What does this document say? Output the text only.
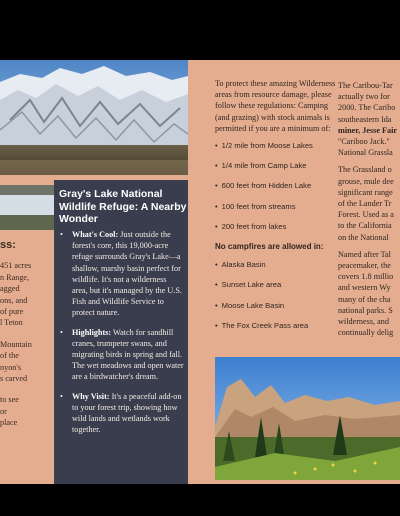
ss:
451 acres
n Range,
agged
ons, and
of pure
l Teton
Mountain
of the
nyon's
s carved
to see
or
place
Gray's Lake National Wildlife Refuge: A Nearby Wonder
•	What's Cool: Just outside the forest's core, this 19,000-acre refuge surrounds Gray's Lake—a shallow, marshy basin perfect for wildlife. It's not a wilderness area, but it's managed by the U.S. Fish and Wildlife Service to protect nature.
•	Highlights: Watch for sandhill cranes, trumpeter swans, and migrating birds in spring and fall. The wet meadows and open water are a birdwatcher's dream.
•	Why Visit: It's a peaceful add-on to your forest trip, showing how wild lands and wetlands work together.

To protect these amazing Wilderness areas from resource damage, please follow these regulations: Camping (and grazing) with stock animals is permitted if you are a minimum of:

• 1/2 mile from Moose Lakes
• 1/4 mile from Camp Lake
• 600 feet from Hidden Lake
• 100 feet from streams
• 200 feet from lakes
No campfires are allowed in:
• Alaska Basin
• Sunset Lake area
• Moose Lake Basin
• The Fox Creek Pass area

The Caribou-Tar
actually two for
2000. The Caribo
southeastern Ida
miner, Jesse Fair
"Cariboo Jack."
National Grassla

The Grassland o
grouse, mule dee
significant range
of the Lander Tr
Forest. Used as a
to the California
on the National

Named after Tal
peacemaker, the
covers 1.8 millio
and western Wy
many of the cha
national parks. S
wilderness, and
continually delig
